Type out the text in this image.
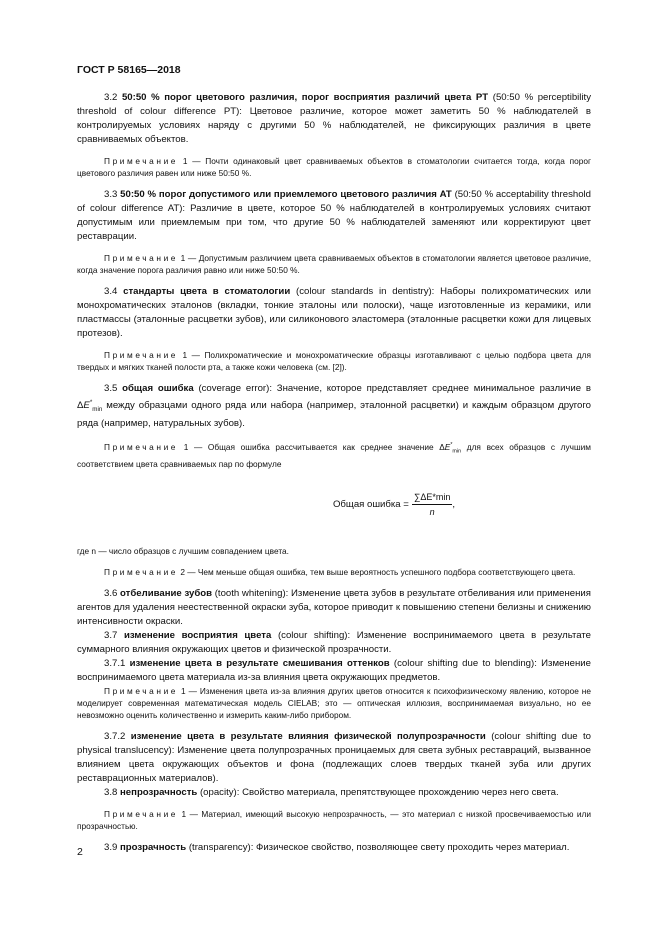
ГОСТ Р 58165—2018

3.2 50:50 % порог цветового различия, порог восприятия различий цвета PT (50:50 % perceptibility threshold of colour difference PT): Цветовое различие, которое может заметить 50 % наблюдателей в контролируемых условиях наряду с другими 50 % наблюдателей, не фиксирующих различия в цвете сравниваемых объектов.

Примечание 1 — Почти одинаковый цвет сравниваемых объектов в стоматологии считается тогда, когда порог цветового различия равен или ниже 50:50 %.

3.3 50:50 % порог допустимого или приемлемого цветового различия AT (50:50 % acceptability threshold of colour difference AT): Различие в цвете, которое 50 % наблюдателей в контролируемых условиях считают допустимым или приемлемым при том, что другие 50 % наблюдателей заменяют или корректируют цвет реставрации.

Примечание 1 — Допустимым различием цвета сравниваемых объектов в стоматологии является цветовое различие, когда значение порога различия равно или ниже 50:50 %.

3.4 стандарты цвета в стоматологии (colour standards in dentistry): Наборы полихроматических или монохроматических эталонов (вкладки, тонкие эталоны или полоски), чаще изготовленные из керамики, или пластмассы (эталонные расцветки зубов), или силиконового эластомера (эталонные расцветки кожи для лицевых протезов).

Примечание 1 — Полихроматические и монохроматические образцы изготавливают с целью подбора цвета для твердых и мягких тканей полости рта, а также кожи человека (см. [2]).

3.5 общая ошибка (coverage error): Значение, которое представляет среднее минимальное различие в $\Delta E^*_{min}$ между образцами одного ряда или набора (например, эталонной расцветки) и каждым образцом другого ряда (например, натуральных зубов).

Примечание 1 — Общая ошибка рассчитывается как среднее значение $\Delta E^*_{min}$ для всех образцов с лучшим соответствием цвета сравниваемых пар по формуле

Общая ошибка = $\frac{\sum\Delta E*\min}{n}$ ,

где n — число образцов с лучшим совпадением цвета.

Примечание 2 — Чем меньше общая ошибка, тем выше вероятность успешного подбора соответствующего цвета.

3.6 отбеливание зубов (tooth whitening): Изменение цвета зубов в результате отбеливания или применения агентов для удаления неестественной окраски зуба, которое приводит к повышению степени белизны и снижению интенсивности окраски.

3.7 изменение восприятия цвета (colour shifting): Изменение воспринимаемого цвета в результате суммарного влияния окружающих цветов и физической прозрачности.

3.7.1 изменение цвета в результате смешивания оттенков (colour shifting due to blending): Изменение воспринимаемого цвета материала из-за влияния цвета окружающих предметов.

Примечание 1 — Изменения цвета из-за влияния других цветов относится к психофизическому явлению, которое не моделирует современная математическая модель CIELAB; это — оптическая иллюзия, воспринимаемая визуально, но ее невозможно оценить количественно и измерить каким-либо прибором.

3.7.2 изменение цвета в результате влияния физической полупрозрачности (colour shifting due to physical translucency): Изменение цвета полупрозрачных проницаемых для света зубных реставраций, вызванное влиянием цвета окружающих объектов и фона (подлежащих слоев твердых тканей зуба или других реставрационных материалов).

3.8 непрозрачность (opacity): Свойство материала, препятствующее прохождению через него света.

Примечание 1 — Материал, имеющий высокую непрозрачность, — это материал с низкой просвечиваемостью или прозрачностью.

3.9 прозрачность (transparency): Физическое свойство, позволяющее свету проходить через материал.

2
